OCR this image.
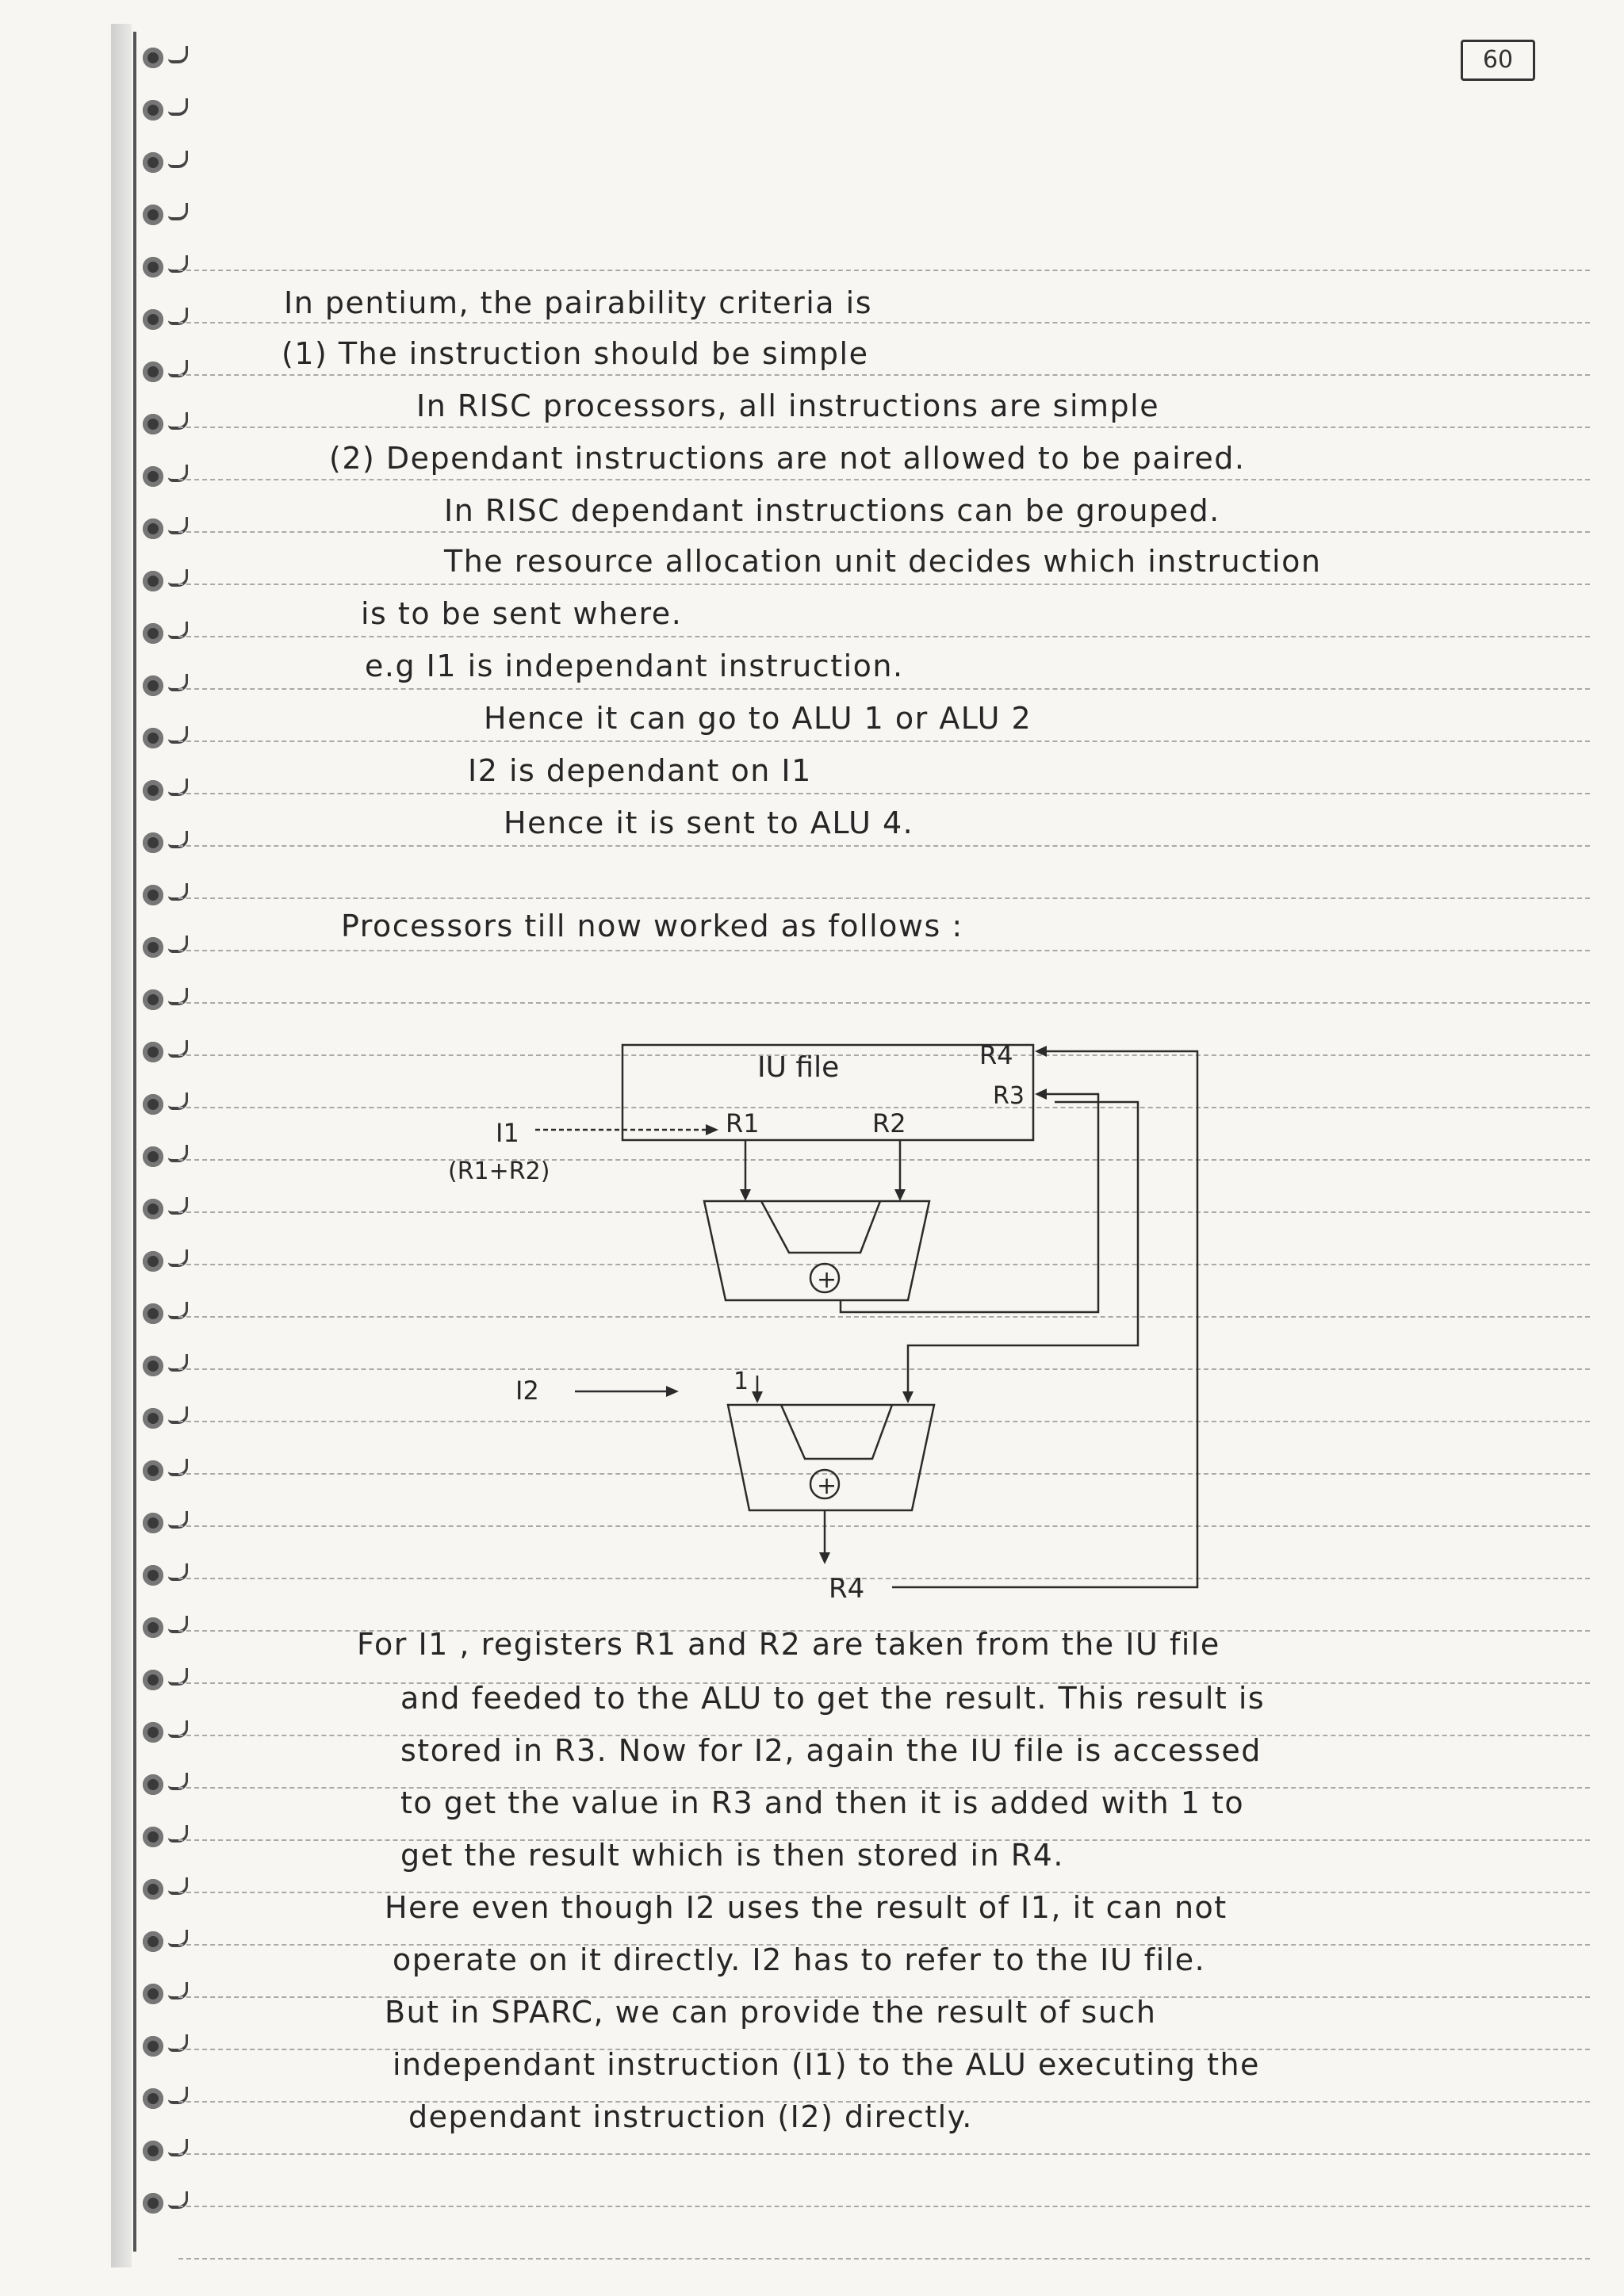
60
In pentium, the pairability criteria is
(1) The instruction should be simple
In RISC processors, all instructions are simple
(2) Dependant instructions are not allowed to be paired.
In RISC dependant instructions can be grouped.
The resource allocation unit decides which instruction
is to be sent where.
e.g I1 is independant instruction.
Hence it can go to ALU 1 or ALU 2
I2 is dependant on I1
Hence it is sent to ALU 4.
Processors till now worked as follows :
IU file	R4
R3
R1	R2
I1
(R1+R2)
+
I2	1
+
R4
For I1 , registers R1 and R2 are taken from the IU file
and feeded to the ALU to get the result. This result is
stored in R3. Now for I2, again the IU file is accessed
to get the value in R3 and then it is added with 1 to
get the result which is then stored in R4.
Here even though I2 uses the result of I1, it can not
operate on it directly. I2 has to refer to the IU file.
But in SPARC, we can provide the result of such
independant instruction (I1) to the ALU executing the
dependant instruction (I2) directly.
